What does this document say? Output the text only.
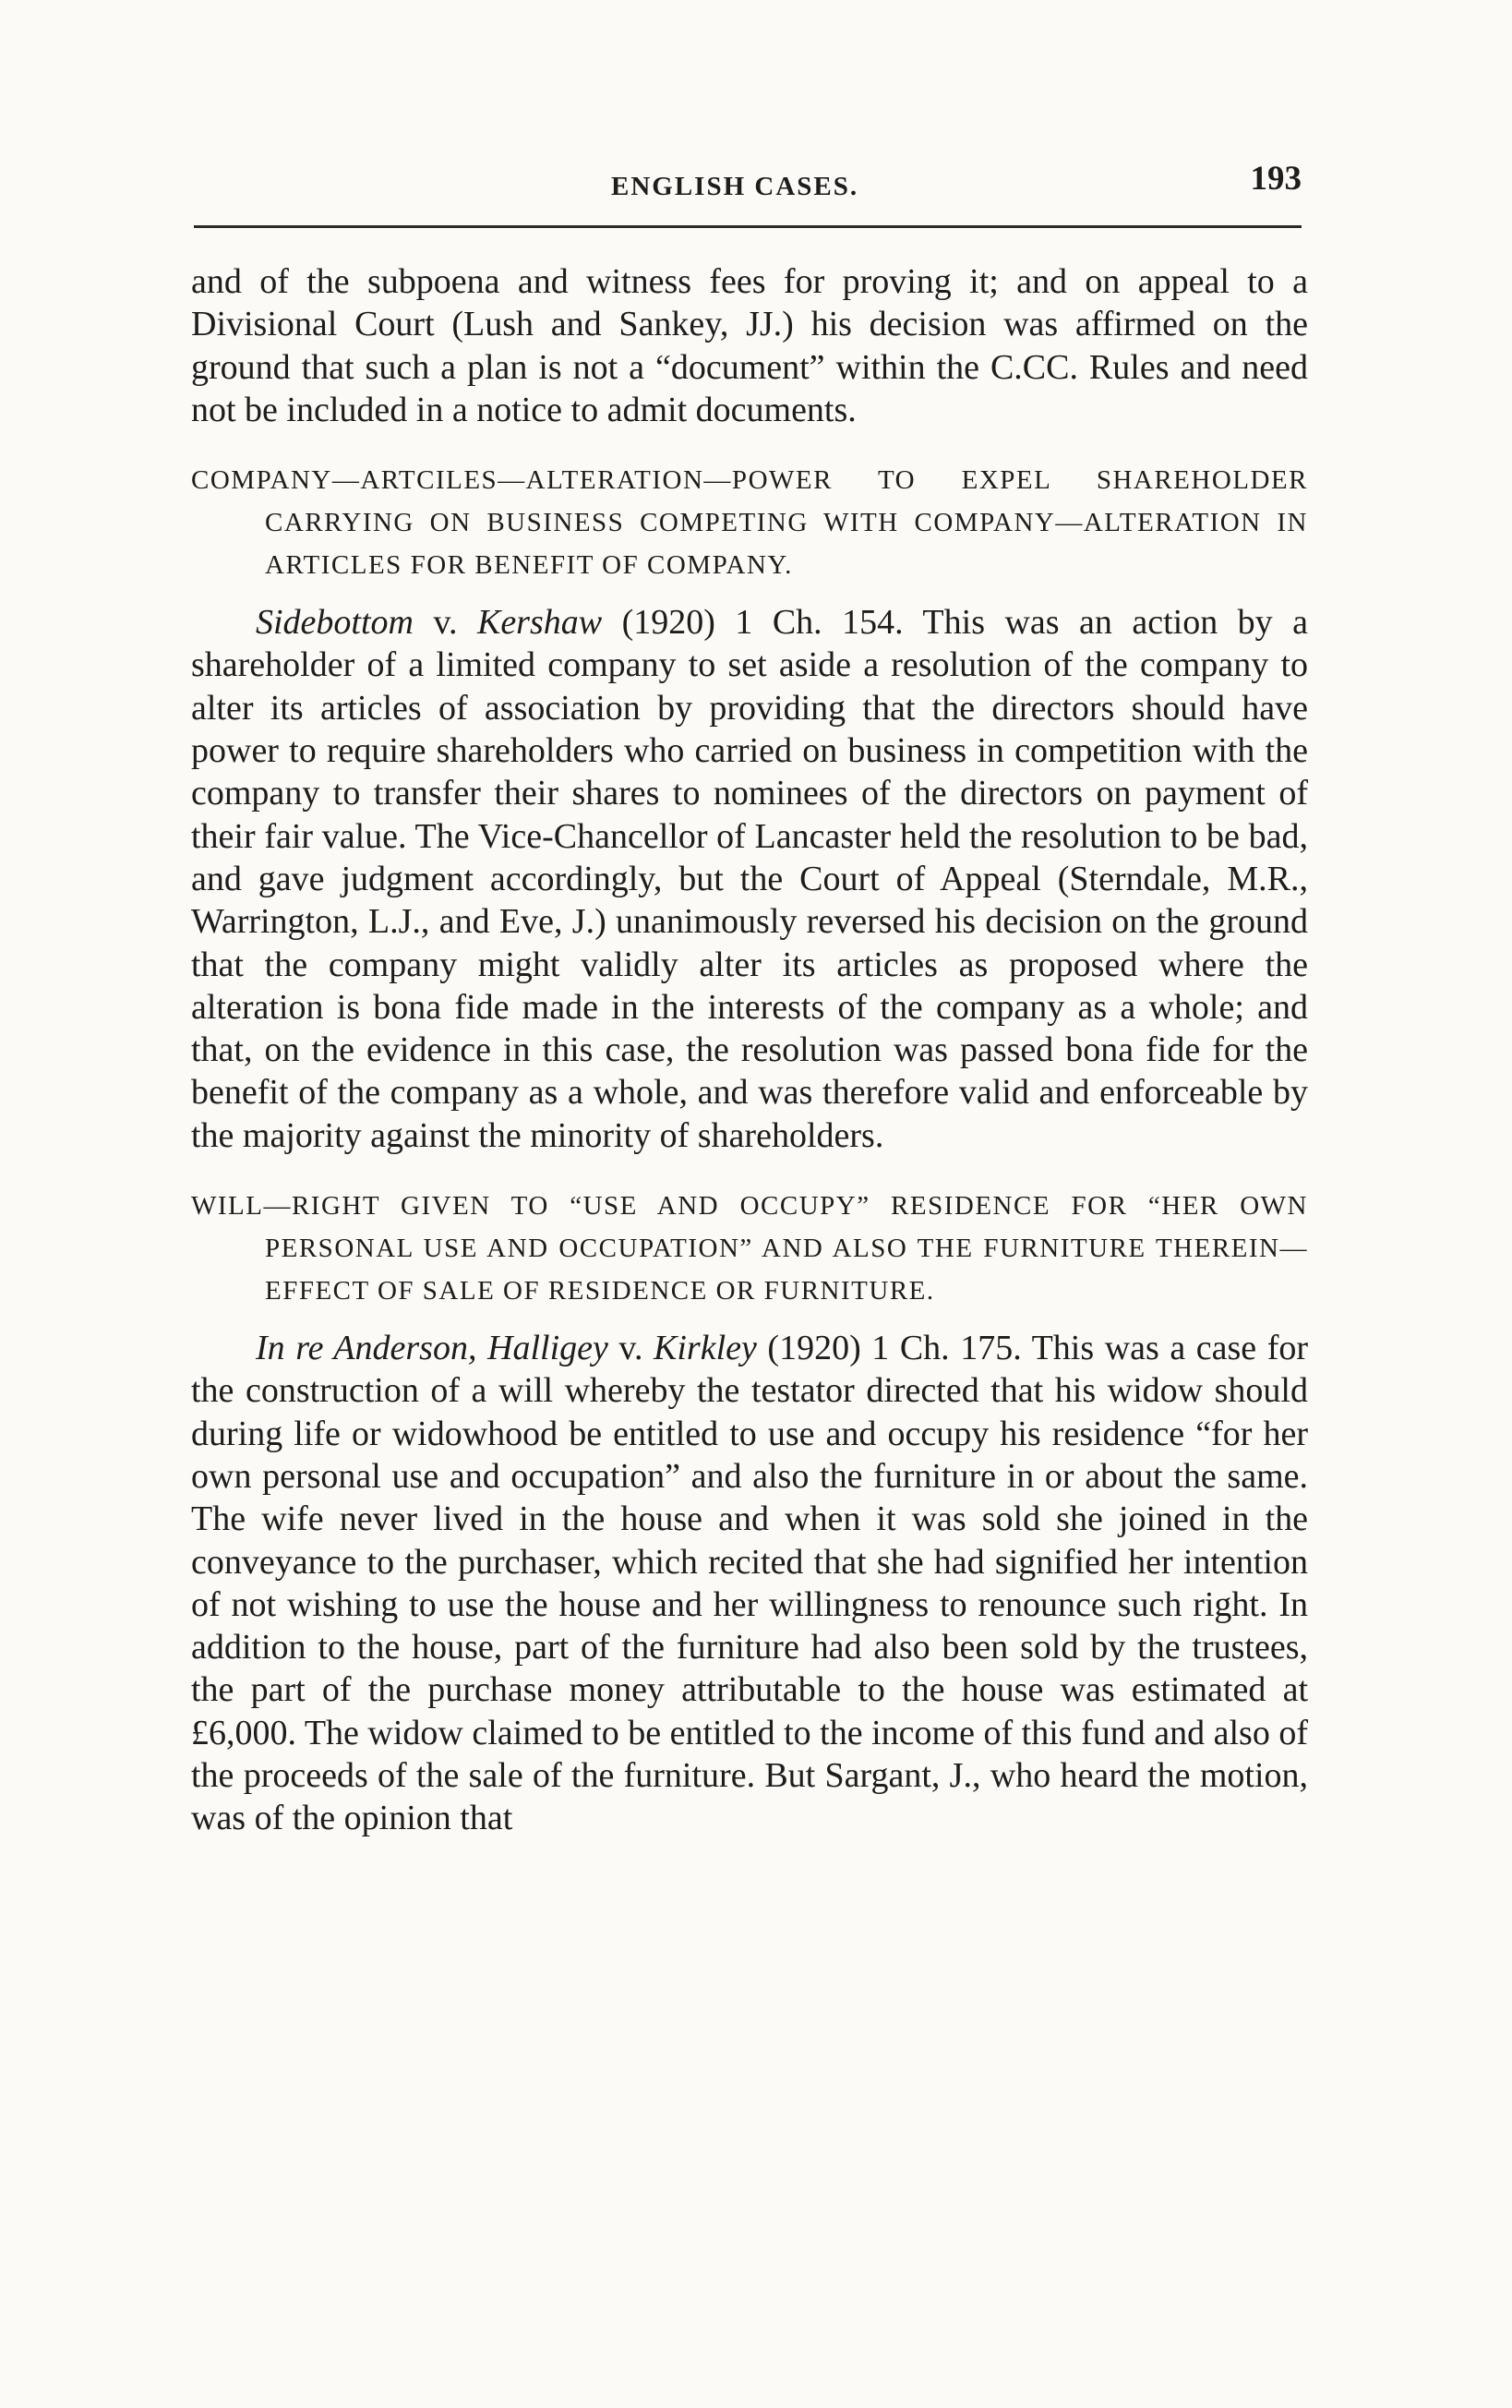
ENGLISH CASES.	193

and of the subpoena and witness fees for proving it; and on appeal to a Divisional Court (Lush and Sankey, JJ.) his decision was affirmed on the ground that such a plan is not a “document” within the C.CC. Rules and need not be included in a notice to admit documents.

COMPANY—ARTCILES—ALTERATION—POWER TO EXPEL SHAREHOLDER CARRYING ON BUSINESS COMPETING WITH COMPANY—ALTERATION IN ARTICLES FOR BENEFIT OF COMPANY.

Sidebottom v. Kershaw (1920) 1 Ch. 154. This was an action by a shareholder of a limited company to set aside a resolution of the company to alter its articles of association by providing that the directors should have power to require shareholders who carried on business in competition with the company to transfer their shares to nominees of the directors on payment of their fair value. The Vice-Chancellor of Lancaster held the resolution to be bad, and gave judgment accordingly, but the Court of Appeal (Sterndale, M.R., Warrington, L.J., and Eve, J.) unanimously reversed his decision on the ground that the company might validly alter its articles as proposed where the alteration is bona fide made in the interests of the company as a whole; and that, on the evidence in this case, the resolution was passed bona fide for the benefit of the company as a whole, and was therefore valid and enforceable by the majority against the minority of shareholders.

WILL—RIGHT GIVEN TO “USE AND OCCUPY” RESIDENCE FOR “HER OWN PERSONAL USE AND OCCUPATION” AND ALSO THE FURNITURE THEREIN—EFFECT OF SALE OF RESIDENCE OR FURNITURE.

In re Anderson, Halligey v. Kirkley (1920) 1 Ch. 175. This was a case for the construction of a will whereby the testator directed that his widow should during life or widowhood be entitled to use and occupy his residence “for her own personal use and occupation” and also the furniture in or about the same. The wife never lived in the house and when it was sold she joined in the conveyance to the purchaser, which recited that she had signified her intention of not wishing to use the house and her willingness to renounce such right. In addition to the house, part of the furniture had also been sold by the trustees, the part of the purchase money attributable to the house was estimated at £6,000. The widow claimed to be entitled to the income of this fund and also of the proceeds of the sale of the furniture. But Sargant, J., who heard the motion, was of the opinion that
